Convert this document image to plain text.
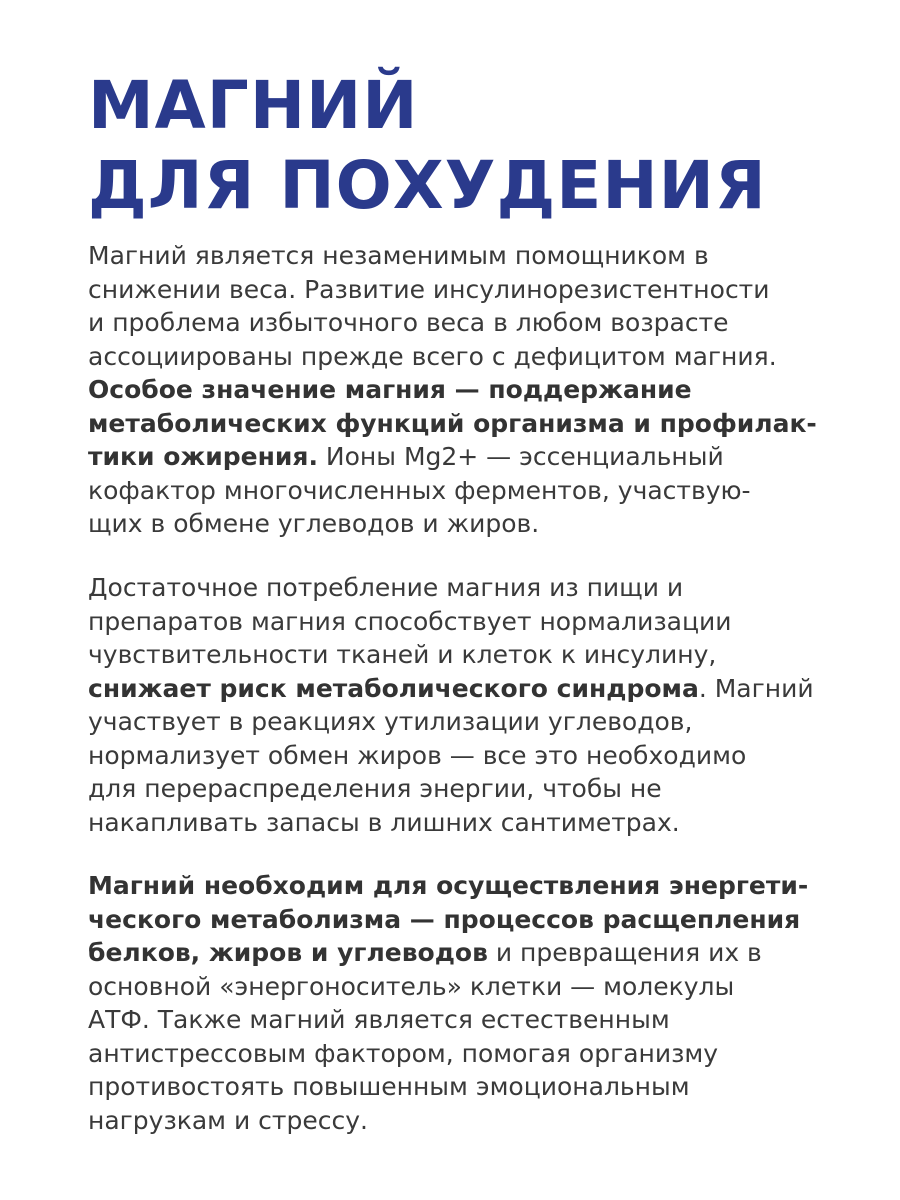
МАГНИЙ
ДЛЯ ПОХУДЕНИЯ

Магний является незаменимым помощником в
снижении веса. Развитие инсулинорезистентности
и проблема избыточного веса в любом возрасте
ассоциированы прежде всего с дефицитом магния.
Особое значение магния — поддержание
метаболических функций организма и профилак-
тики ожирения. Ионы Mg2+ — эссенциальный
кофактор многочисленных ферментов, участвую-
щих в обмене углеводов и жиров.

Достаточное потребление магния из пищи и
препаратов магния способствует нормализации
чувствительности тканей и клеток к инсулину,
снижает риск метаболического синдрома. Магний
участвует в реакциях утилизации углеводов,
нормализует обмен жиров — все это необходимо
для перераспределения энергии, чтобы не
накапливать запасы в лишних сантиметрах.

Магний необходим для осуществления энергети-
ческого метаболизма — процессов расщепления
белков, жиров и углеводов и превращения их в
основной «энергоноситель» клетки — молекулы
АТФ. Также магний является естественным
антистрессовым фактором, помогая организму
противостоять повышенным эмоциональным
нагрузкам и стрессу.
